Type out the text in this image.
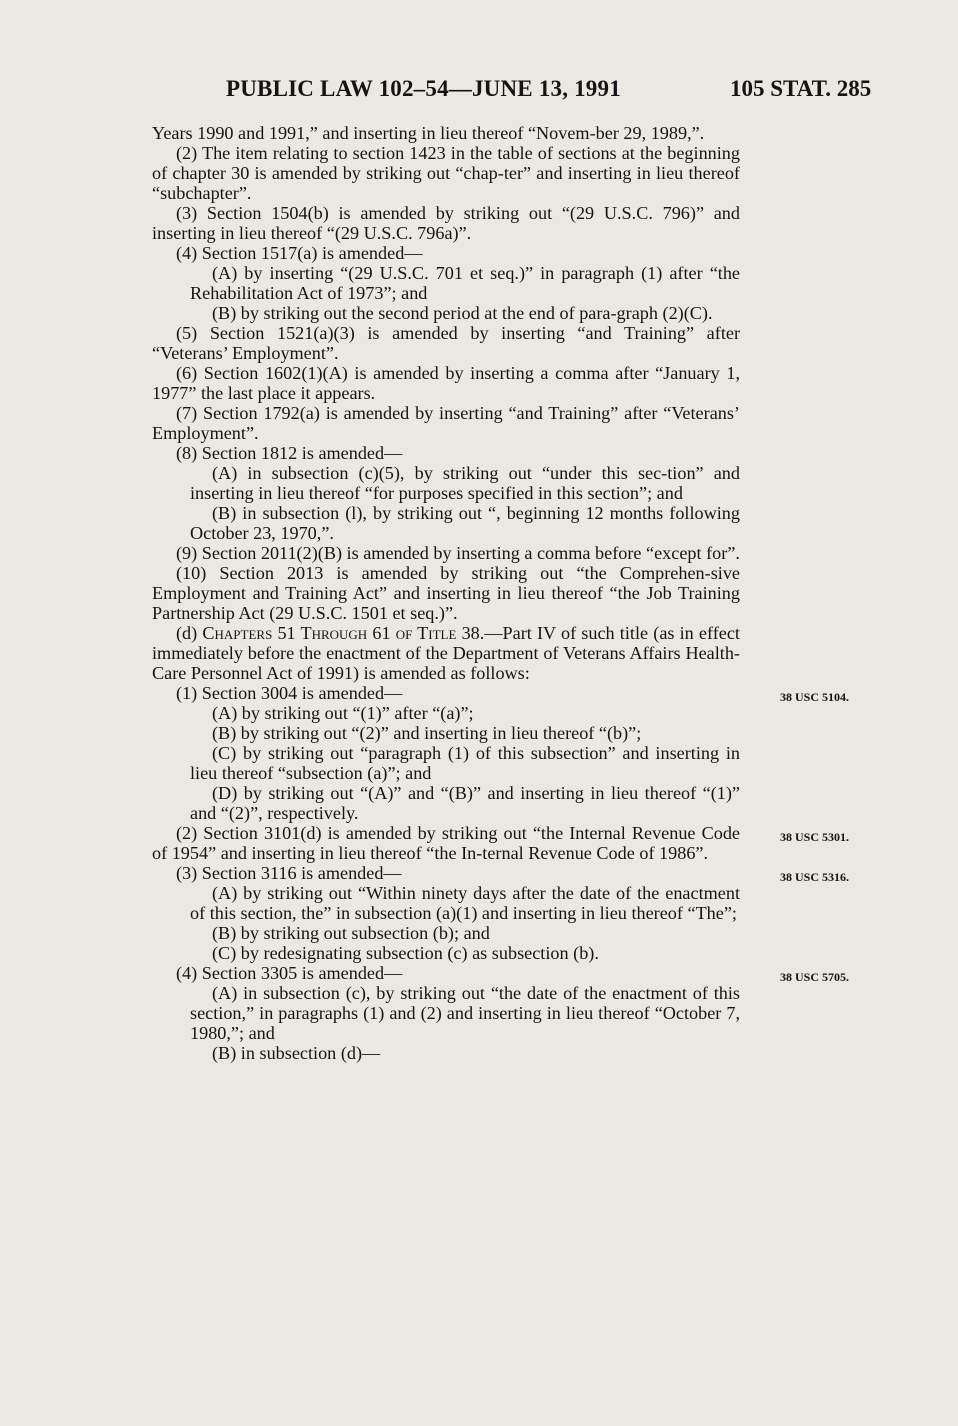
PUBLIC LAW 102–54—JUNE 13, 1991	105 STAT. 285

Years 1990 and 1991,” and inserting in lieu thereof “Novem-ber 29, 1989,”.

(2) The item relating to section 1423 in the table of sections at the beginning of chapter 30 is amended by striking out “chap-ter” and inserting in lieu thereof “subchapter”.

(3) Section 1504(b) is amended by striking out “(29 U.S.C. 796)” and inserting in lieu thereof “(29 U.S.C. 796a)”.

(4) Section 1517(a) is amended—

(A) by inserting “(29 U.S.C. 701 et seq.)” in paragraph (1) after “the Rehabilitation Act of 1973”; and

(B) by striking out the second period at the end of para-graph (2)(C).

(5) Section 1521(a)(3) is amended by inserting “and Training” after “Veterans’ Employment”.

(6) Section 1602(1)(A) is amended by inserting a comma after “January 1, 1977” the last place it appears.

(7) Section 1792(a) is amended by inserting “and Training” after “Veterans’ Employment”.

(8) Section 1812 is amended—

(A) in subsection (c)(5), by striking out “under this sec-tion” and inserting in lieu thereof “for purposes specified in this section”; and

(B) in subsection (l), by striking out “, beginning 12 months following October 23, 1970,”.

(9) Section 2011(2)(B) is amended by inserting a comma before “except for”.

(10) Section 2013 is amended by striking out “the Comprehen-sive Employment and Training Act” and inserting in lieu thereof “the Job Training Partnership Act (29 U.S.C. 1501 et seq.)”.

(d) Chapters 51 Through 61 of Title 38.—Part IV of such title (as in effect immediately before the enactment of the Department of Veterans Affairs Health-Care Personnel Act of 1991) is amended as follows:

(1) Section 3004 is amended—	38 USC 5104.

(A) by striking out “(1)” after “(a)”;

(B) by striking out “(2)” and inserting in lieu thereof “(b)”;

(C) by striking out “paragraph (1) of this subsection” and inserting in lieu thereof “subsection (a)”; and

(D) by striking out “(A)” and “(B)” and inserting in lieu thereof “(1)” and “(2)”, respectively.

(2) Section 3101(d) is amended by striking out “the Internal Revenue Code of 1954” and inserting in lieu thereof “the In-ternal Revenue Code of 1986”.
38 USC 5301.

(3) Section 3116 is amended—	38 USC 5316.

(A) by striking out “Within ninety days after the date of the enactment of this section, the” in subsection (a)(1) and inserting in lieu thereof “The”;

(B) by striking out subsection (b); and

(C) by redesignating subsection (c) as subsection (b).

(4) Section 3305 is amended—	38 USC 5705.

(A) in subsection (c), by striking out “the date of the enactment of this section,” in paragraphs (1) and (2) and inserting in lieu thereof “October 7, 1980,”; and

(B) in subsection (d)—
